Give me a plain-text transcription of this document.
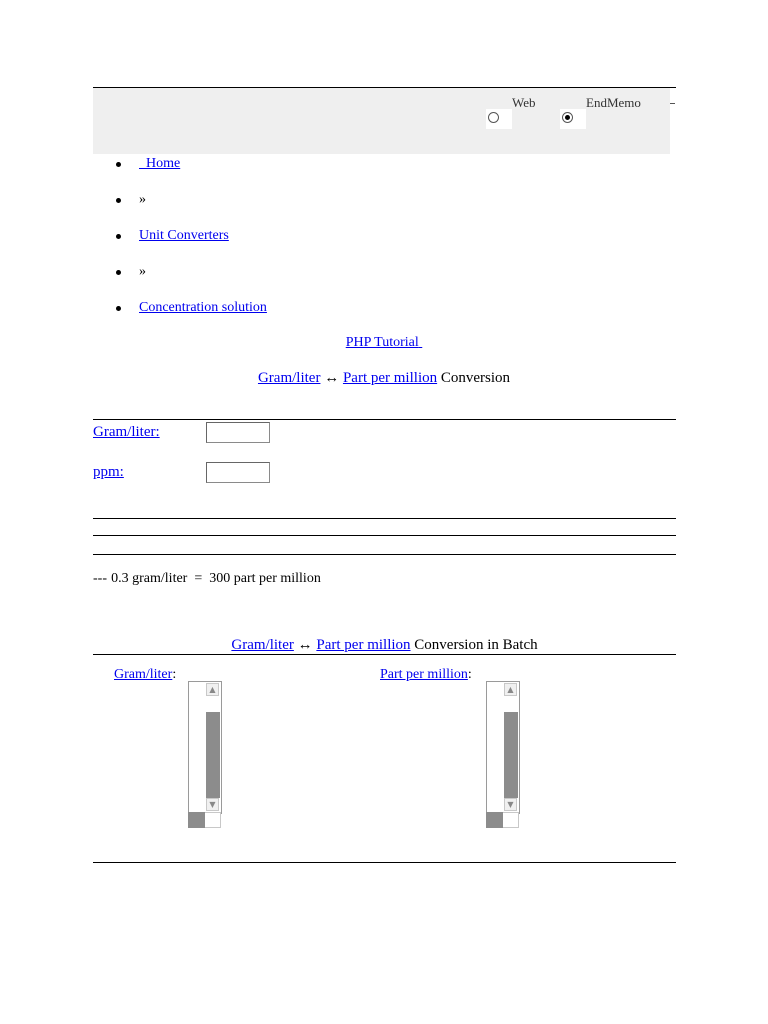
Web	EndMemo
Home
»
Unit Converters
»
Concentration solution
PHP Tutorial
Gram/liter ↔ Part per million Conversion
Gram/liter:
ppm:
--- 0.3 gram/liter  =  300 part per million
Gram/liter ↔ Part per million Conversion in Batch
Gram/liter:
▲
▼
Part per million:
▲
▼
